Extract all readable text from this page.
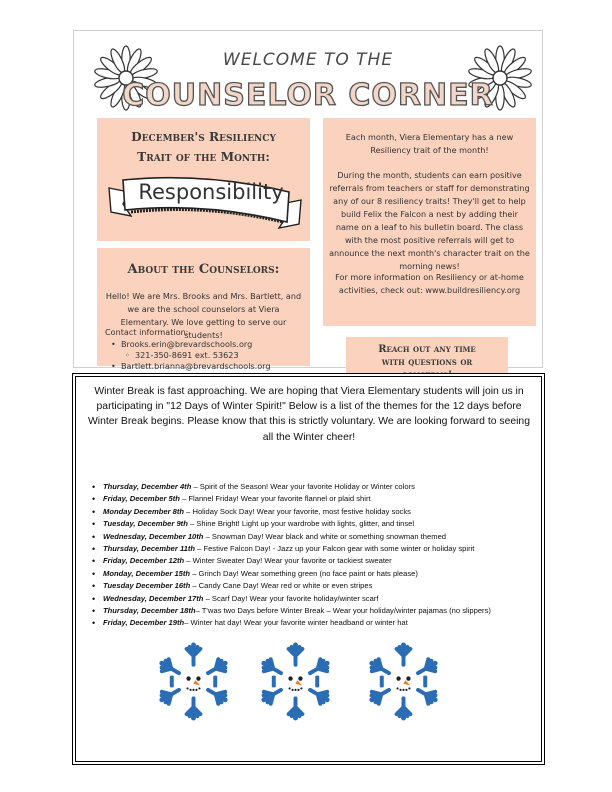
WELCOME TO THE
COUNSELOR CORNER
December's Resiliency
Trait of the Month:
Responsibility
Each month, Viera Elementary has a new Resiliency trait of the month!
During the month, students can earn positive referrals from teachers or staff for demonstrating any of our 8 resiliency traits! They'll get to help build Felix the Falcon a nest by adding their name on a leaf to his bulletin board. The class with the most positive referrals will get to announce the next month's character trait on the morning news!
For more information on Resiliency or at-home activities, check out: www.buildresiliency.org
About the Counselors:
Hello! We are Mrs. Brooks and Mrs. Bartlett, and we are the school counselors at Viera Elementary. We love getting to serve our students!
Contact information:
• Brooks.erin@brevardschools.org
◦ 321-350-8691 ext. 53623
• Bartlett.brianna@brevardschools.org
◦
Reach out any time
with questions or
Winter Break is fast approaching. We are hoping that Viera Elementary students will join us in participating in "12 Days of Winter Spirit!" Below is a list of the themes for the 12 days before Winter Break begins. Please know that this is strictly voluntary. We are looking forward to seeing all the Winter cheer!
• Thursday, December 4th – Spirit of the Season! Wear your favorite Holiday or Winter colors
• Friday, December 5th – Flannel Friday! Wear your favorite flannel or plaid shirt
• Monday December 8th – Holiday Sock Day! Wear your favorite, most festive holiday socks
• Tuesday, December 9th – Shine Bright! Light up your wardrobe with lights, glitter, and tinsel
• Wednesday, December 10th – Snowman Day! Wear black and white or something snowman themed
• Thursday, December 11th – Festive Falcon Day! - Jazz up your Falcon gear with some winter or holiday spirit
• Friday, December 12th – Winter Sweater Day! Wear your favorite or tackiest sweater
• Monday, December 15th – Grinch Day! Wear something green (no face paint or hats please)
• Tuesday December 16th – Candy Cane Day! Wear red or white or even stripes
• Wednesday, December 17th – Scarf Day! Wear your favorite holiday/winter scarf
• Thursday, December 18th– T'was two Days before Winter Break – Wear your holiday/winter pajamas (no slippers)
• Friday, December 19th– Winter hat day! Wear your favorite winter headband or winter hat
